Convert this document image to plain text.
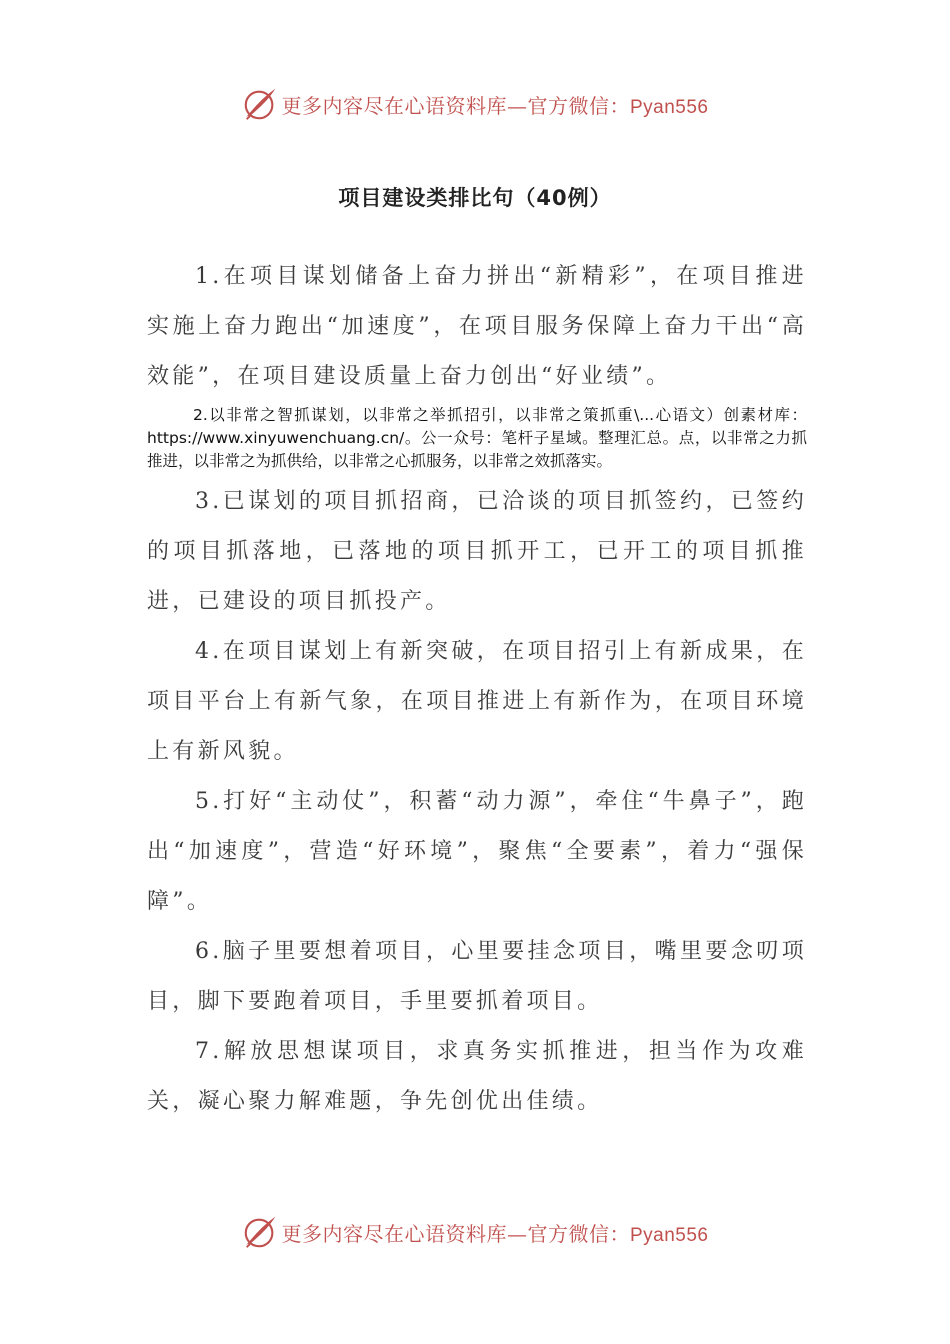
更多内容尽在心语资料库—官方微信：Pyan556
项目建设类排比句（40例）

1.在项目谋划储备上奋力拼出“新精彩”，在项目推进实施上奋力跑出“加速度”，在项目服务保障上奋力干出“高效能”，在项目建设质量上奋力创出“好业绩”。

2.以非常之智抓谋划，以非常之举抓招引，以非常之策抓重\...心语文）创素材库：https://www.xinyuwenchuang.cn/。公一众号：笔杆子星域。整理汇总。点，以非常之力抓推进，以非常之为抓供给，以非常之心抓服务，以非常之效抓落实。

3.已谋划的项目抓招商，已洽谈的项目抓签约，已签约的项目抓落地，已落地的项目抓开工，已开工的项目抓推进，已建设的项目抓投产。

4.在项目谋划上有新突破，在项目招引上有新成果，在项目平台上有新气象，在项目推进上有新作为，在项目环境上有新风貌。

5.打好“主动仗”，积蓄“动力源”，牵住“牛鼻子”，跑出“加速度”，营造“好环境”，聚焦“全要素”，着力“强保障”。

6.脑子里要想着项目，心里要挂念项目，嘴里要念叨项目，脚下要跑着项目，手里要抓着项目。

7.解放思想谋项目，求真务实抓推进，担当作为攻难关，凝心聚力解难题，争先创优出佳绩。

更多内容尽在心语资料库—官方微信：Pyan556
